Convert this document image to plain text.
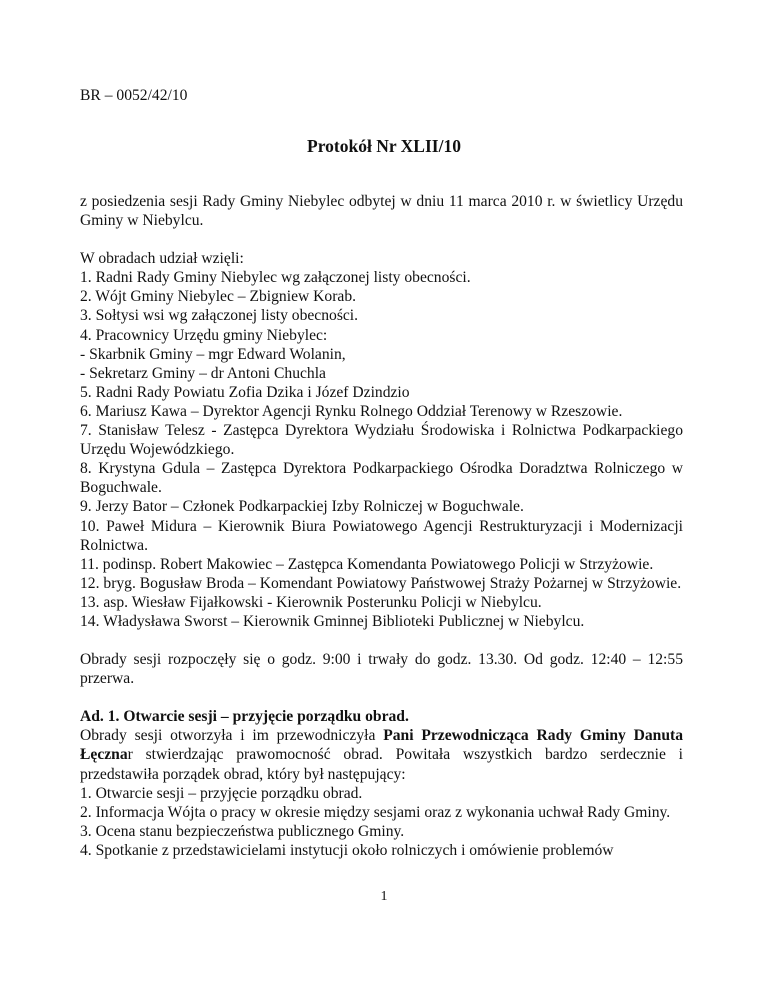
BR – 0052/42/10

Protokół Nr XLII/10

z posiedzenia sesji Rady Gminy Niebylec odbytej w dniu 11 marca 2010 r. w świetlicy Urzędu Gminy w Niebylcu.

W obradach udział wzięli:

1. Radni Rady Gminy Niebylec wg załączonej listy obecności.

2. Wójt Gminy Niebylec – Zbigniew Korab.

3. Sołtysi wsi wg załączonej listy obecności.

4. Pracownicy Urzędu gminy Niebylec:

- Skarbnik Gminy – mgr Edward Wolanin,

- Sekretarz Gminy – dr Antoni Chuchla

5. Radni Rady Powiatu Zofia Dzika i Józef Dzindzio

6. Mariusz Kawa – Dyrektor Agencji Rynku Rolnego Oddział Terenowy w Rzeszowie.

7. Stanisław Telesz - Zastępca Dyrektora Wydziału Środowiska i Rolnictwa Podkarpackiego Urzędu Wojewódzkiego.

8. Krystyna Gdula – Zastępca Dyrektora Podkarpackiego Ośrodka Doradztwa Rolniczego w Boguchwale.

9. Jerzy Bator – Członek Podkarpackiej Izby Rolniczej w Boguchwale.

10. Paweł Midura – Kierownik Biura Powiatowego Agencji Restrukturyzacji i Modernizacji Rolnictwa.

11. podinsp. Robert Makowiec – Zastępca Komendanta Powiatowego Policji w Strzyżowie.

12. bryg. Bogusław Broda – Komendant Powiatowy Państwowej Straży Pożarnej w Strzyżowie.

13. asp. Wiesław Fijałkowski - Kierownik Posterunku Policji w Niebylcu.

14. Władysława Sworst – Kierownik Gminnej Biblioteki Publicznej w Niebylcu.

Obrady sesji rozpoczęły się o godz. 9:00 i trwały do godz. 13.30. Od godz. 12:40 – 12:55 przerwa.

Ad. 1. Otwarcie sesji – przyjęcie porządku obrad.

Obrady sesji otworzyła i im przewodniczyła Pani Przewodnicząca Rady Gminy Danuta Łęcznar stwierdzając prawomocność obrad. Powitała wszystkich bardzo serdecznie i przedstawiła porządek obrad, który był następujący:

1. Otwarcie sesji – przyjęcie porządku obrad.

2. Informacja Wójta o pracy w okresie między sesjami oraz z wykonania uchwał Rady Gminy.

3. Ocena stanu bezpieczeństwa publicznego Gminy.

4. Spotkanie z przedstawicielami instytucji około rolniczych i omówienie problemów

1
